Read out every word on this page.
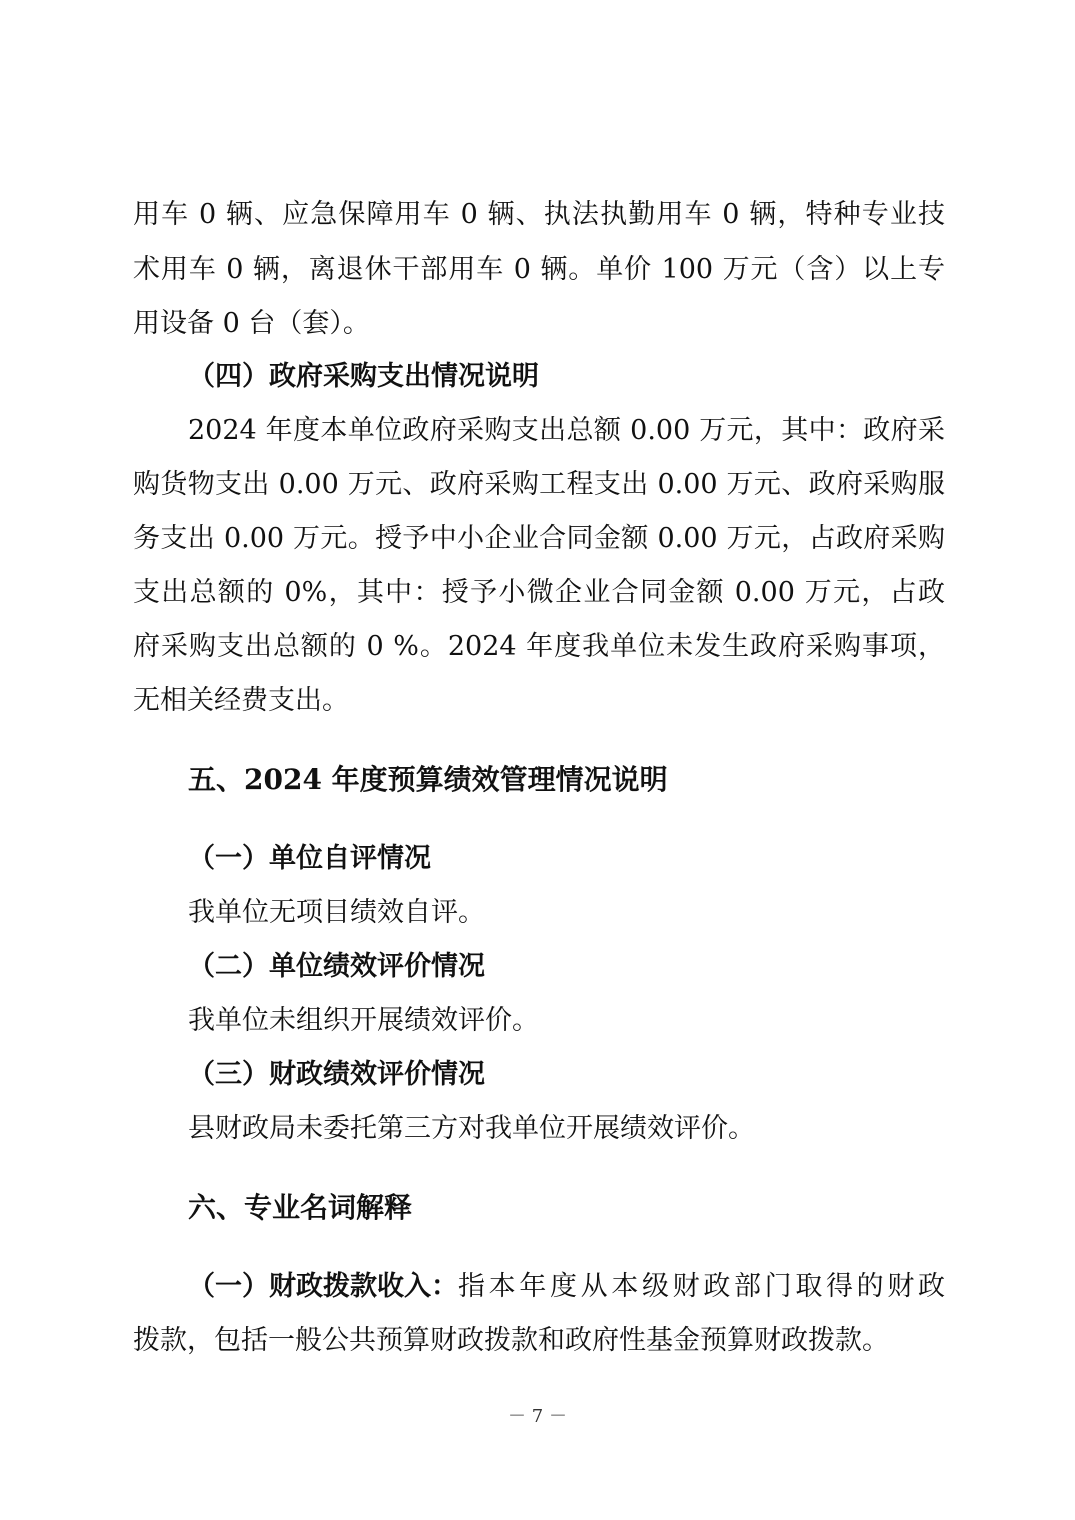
用车 0 辆、应急保障用车 0 辆、执法执勤用车 0 辆，特种专业技
术用车 0 辆，离退休干部用车 0 辆。单价 100 万元（含）以上专
用设备 0 台（套）。
（四）政府采购支出情况说明
2024 年度本单位政府采购支出总额 0.00 万元，其中：政府采
购货物支出 0.00 万元、政府采购工程支出 0.00 万元、政府采购服
务支出 0.00 万元。授予中小企业合同金额 0.00 万元，占政府采购
支出总额的 0%，其中：授予小微企业合同金额 0.00 万元，占政
府采购支出总额的 0 %。2024 年度我单位未发生政府采购事项，
无相关经费支出。
五、2024 年度预算绩效管理情况说明
（一）单位自评情况
我单位无项目绩效自评。
（二）单位绩效评价情况
我单位未组织开展绩效评价。
（三）财政绩效评价情况
县财政局未委托第三方对我单位开展绩效评价。
六、专业名词解释
（一）财政拨款收入： 指本年度从本级财政部门取得的财政
拨款，包括一般公共预算财政拨款和政府性基金预算财政拨款。
－ 7 －
